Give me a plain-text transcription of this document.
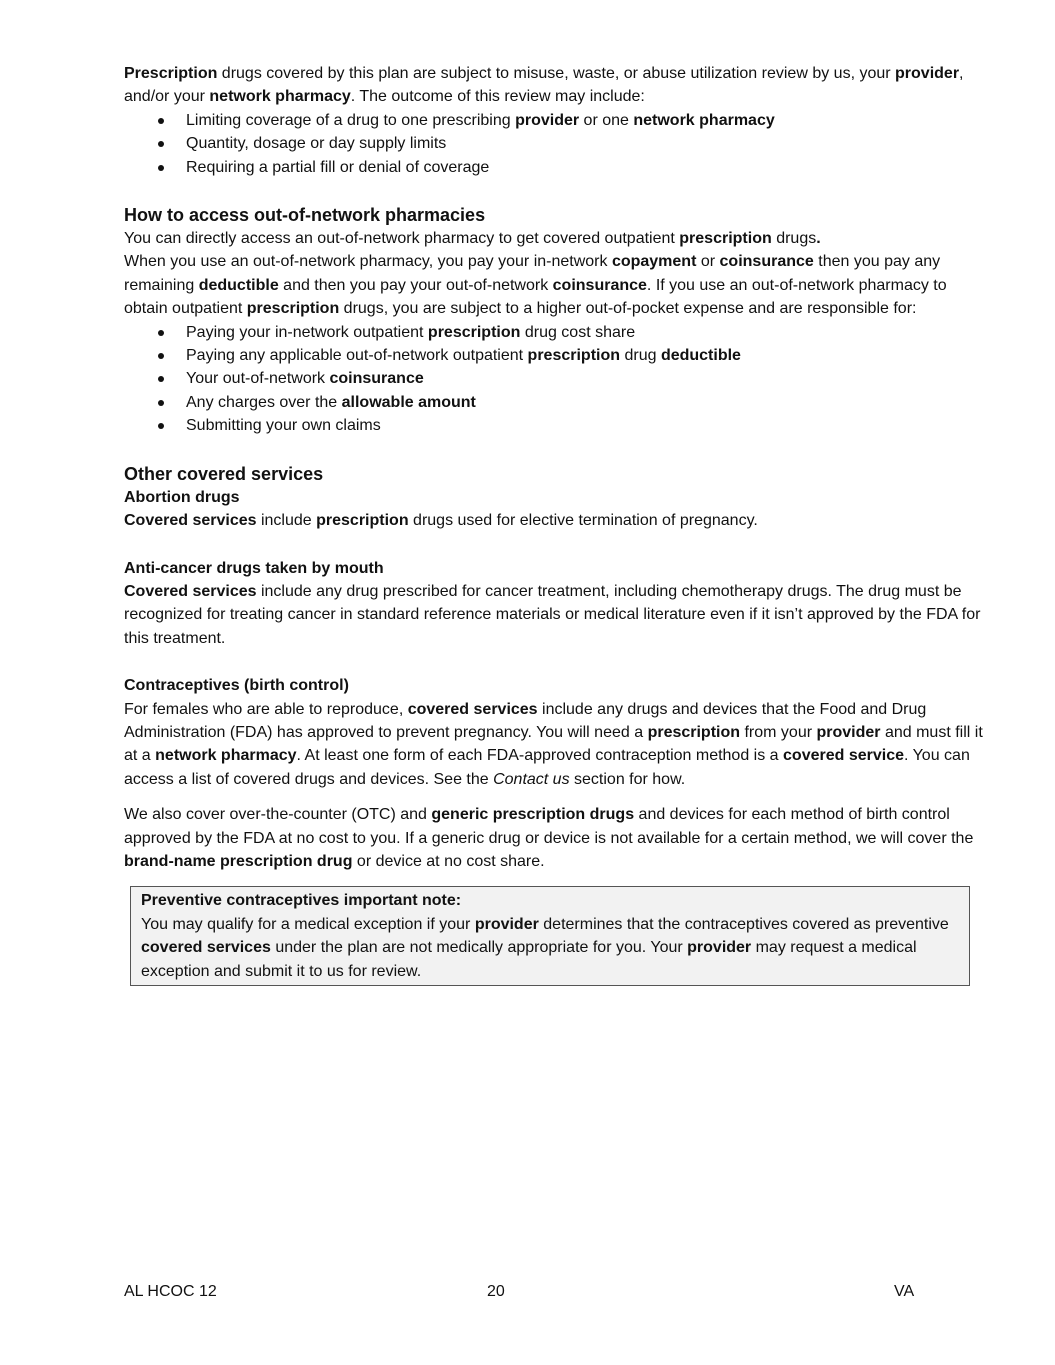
Prescription drugs covered by this plan are subject to misuse, waste, or abuse utilization review by us, your provider, and/or your network pharmacy. The outcome of this review may include:

Limiting coverage of a drug to one prescribing provider or one network pharmacy
Quantity, dosage or day supply limits
Requiring a partial fill or denial of coverage

How to access out-of-network pharmacies

You can directly access an out-of-network pharmacy to get covered outpatient prescription drugs.

When you use an out-of-network pharmacy, you pay your in-network copayment or coinsurance then you pay any remaining deductible and then you pay your out-of-network coinsurance. If you use an out-of-network pharmacy to obtain outpatient prescription drugs, you are subject to a higher out-of-pocket expense and are responsible for:

Paying your in-network outpatient prescription drug cost share
Paying any applicable out-of-network outpatient prescription drug deductible
Your out-of-network coinsurance
Any charges over the allowable amount
Submitting your own claims

Other covered services

Abortion drugs

Covered services include prescription drugs used for elective termination of pregnancy.

Anti-cancer drugs taken by mouth

Covered services include any drug prescribed for cancer treatment, including chemotherapy drugs. The drug must be recognized for treating cancer in standard reference materials or medical literature even if it isn’t approved by the FDA for this treatment.

Contraceptives (birth control)

For females who are able to reproduce, covered services include any drugs and devices that the Food and Drug Administration (FDA) has approved to prevent pregnancy. You will need a prescription from your provider and must fill it at a network pharmacy. At least one form of each FDA-approved contraception method is a covered service. You can access a list of covered drugs and devices. See the Contact us section for how.

We also cover over-the-counter (OTC) and generic prescription drugs and devices for each method of birth control approved by the FDA at no cost to you. If a generic drug or device is not available for a certain method, we will cover the brand-name prescription drug or device at no cost share.

Preventive contraceptives important note:

You may qualify for a medical exception if your provider determines that the contraceptives covered as preventive covered services under the plan are not medically appropriate for you. Your provider may request a medical exception and submit it to us for review.

AL HCOC 12	20	VA
